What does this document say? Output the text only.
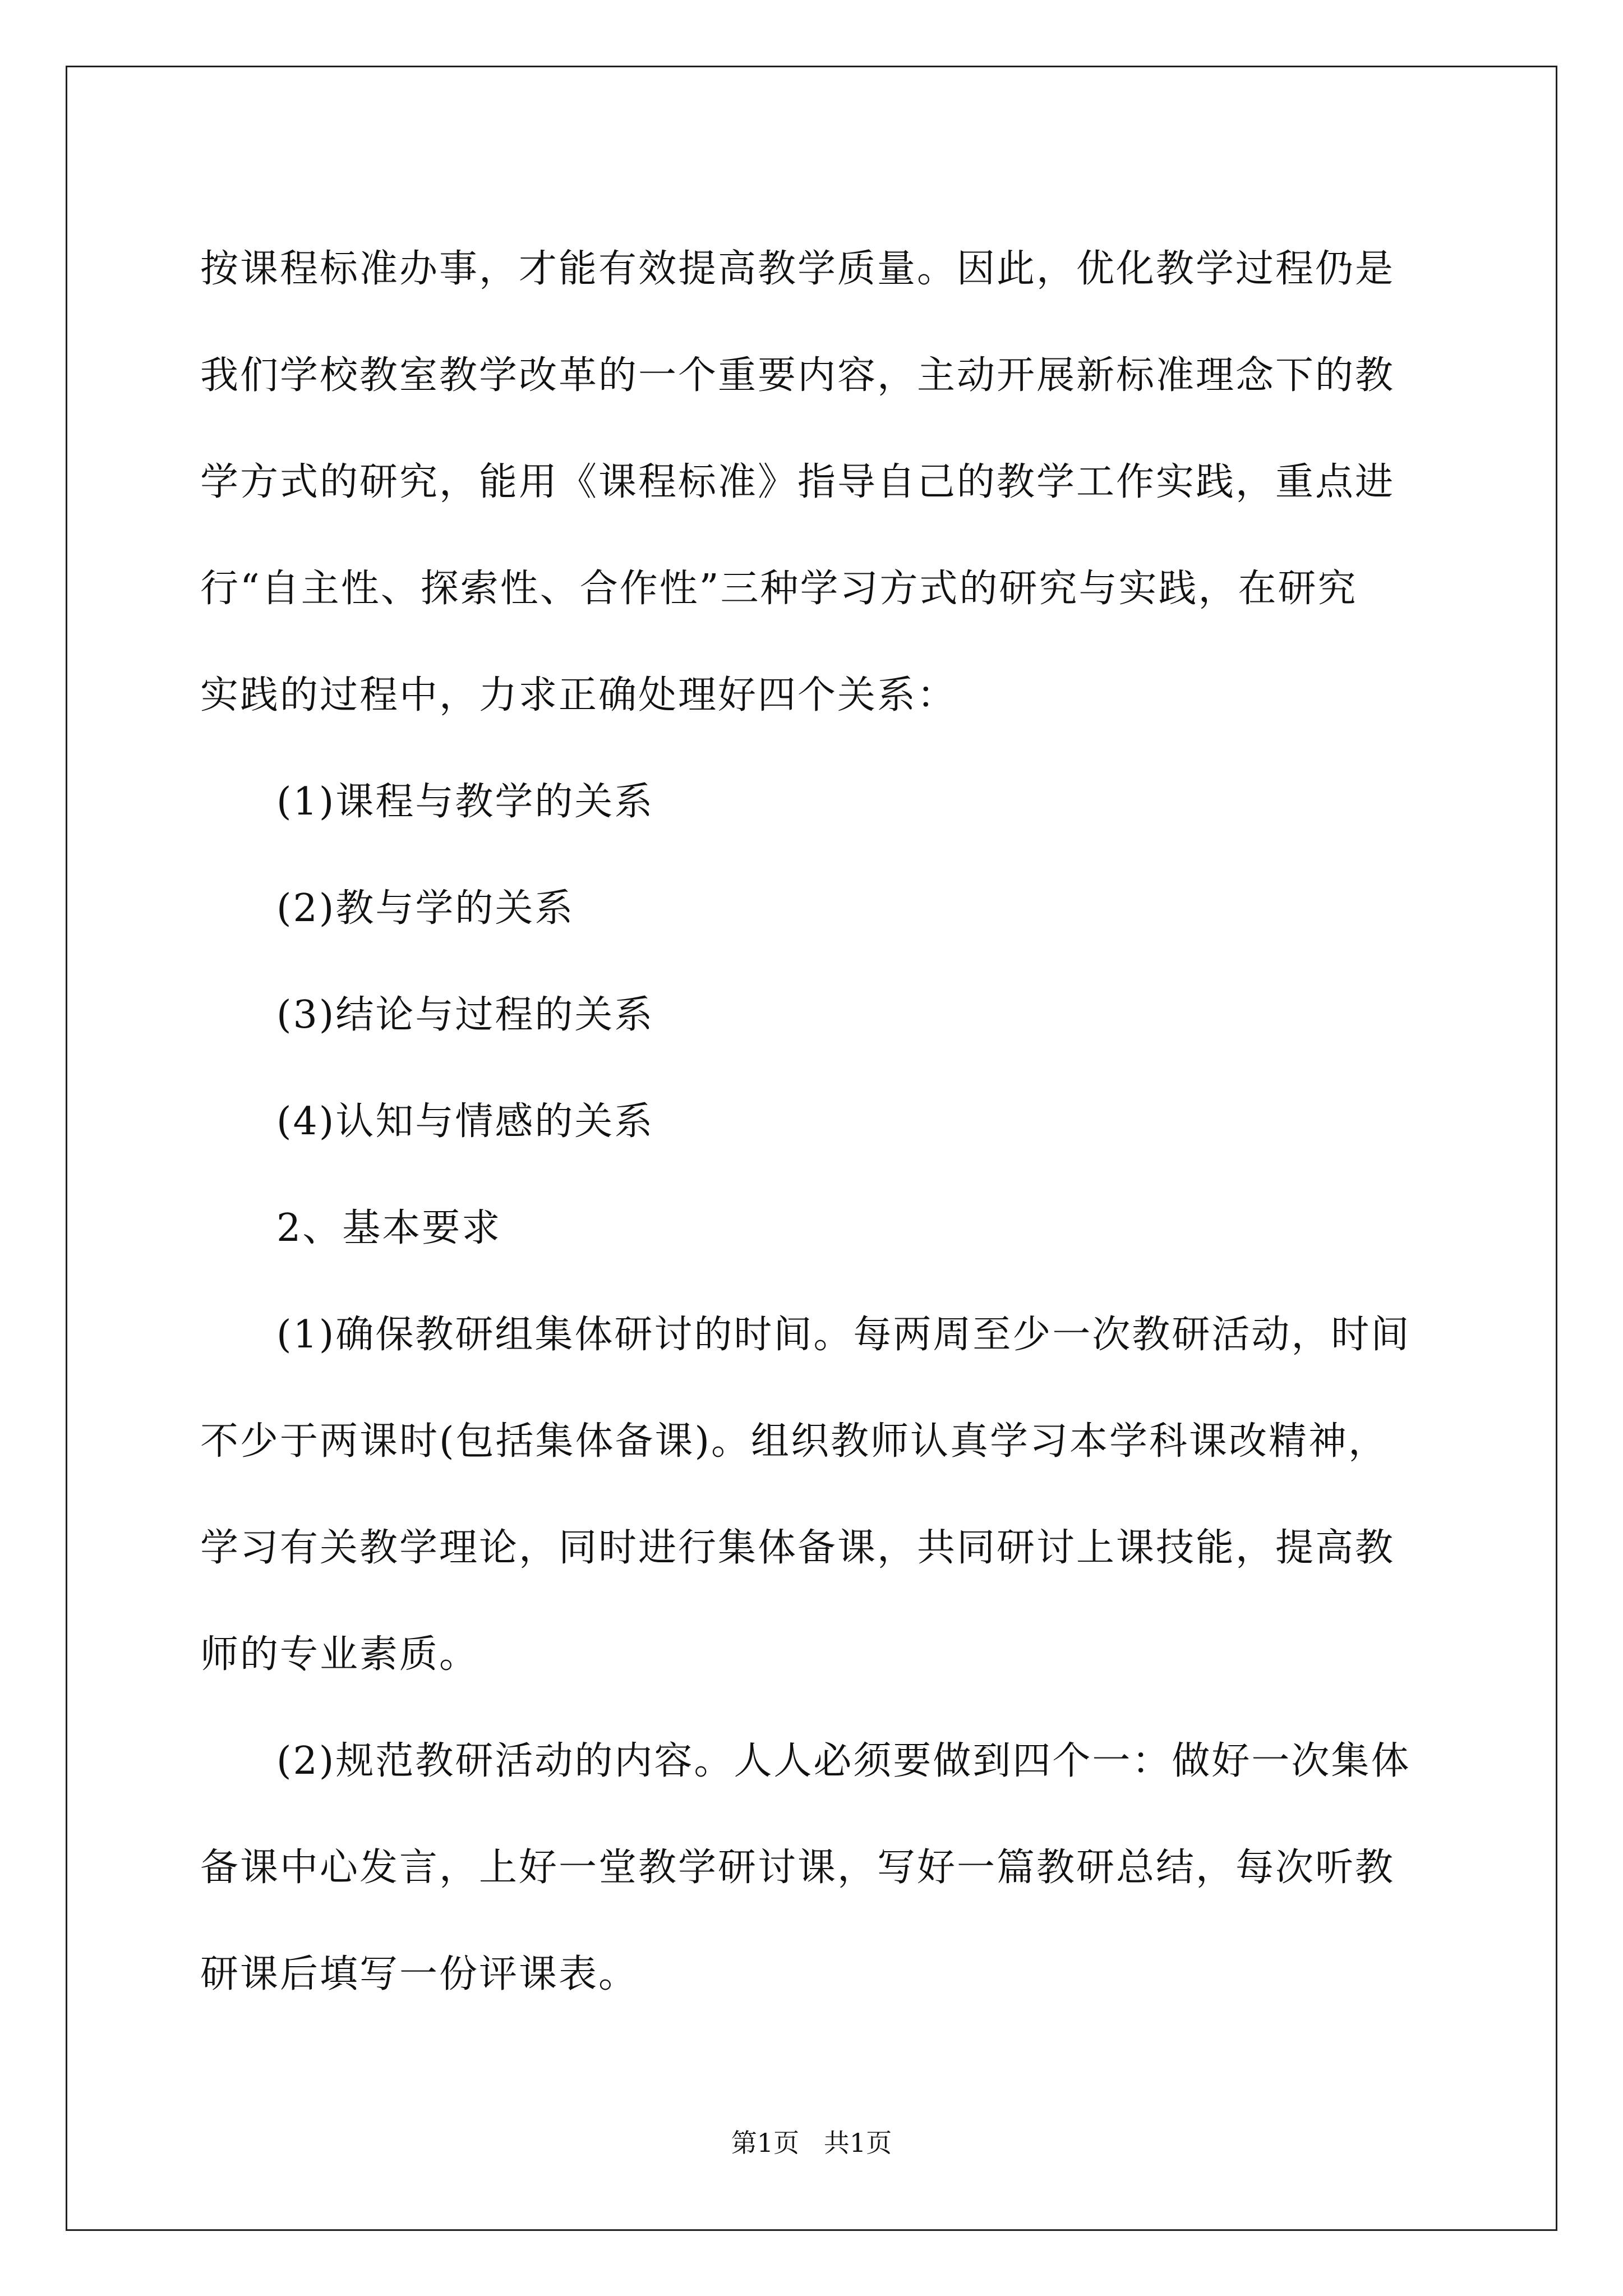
按课程标准办事，才能有效提高教学质量。因此，优化教学过程仍是
我们学校教室教学改革的一个重要内容，主动开展新标准理念下的教
学方式的研究，能用《课程标准》指导自己的教学工作实践，重点进
行“自主性、探索性、合作性”三种学习方式的研究与实践，在研究
实践的过程中，力求正确处理好四个关系：
(1)课程与教学的关系
(2)教与学的关系
(3)结论与过程的关系
(4)认知与情感的关系
2、基本要求
(1)确保教研组集体研讨的时间。每两周至少一次教研活动，时间
不少于两课时(包括集体备课)。组织教师认真学习本学科课改精神，
学习有关教学理论，同时进行集体备课，共同研讨上课技能，提高教
师的专业素质。
(2)规范教研活动的内容。人人必须要做到四个一：做好一次集体
备课中心发言，上好一堂教学研讨课，写好一篇教研总结，每次听教
研课后填写一份评课表。
第1页   共1页
